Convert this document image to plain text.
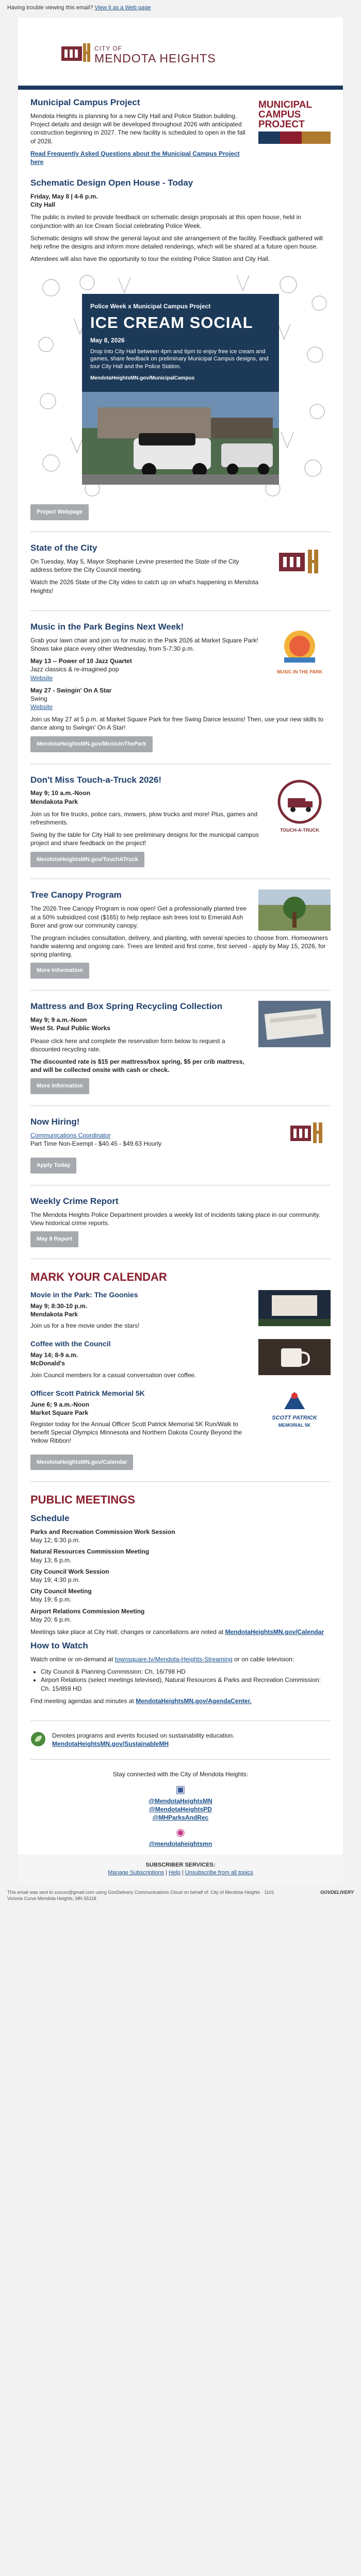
Having trouble viewing this email? View it as a Web page
CITY OF
MENDOTA HEIGHTS
Municipal Campus Project

Mendota Heights is planning for a new City Hall and Police Station building. Project details and design will be developed throughout 2026 with anticipated construction beginning in 2027. The new facility is scheduled to open in the fall of 2028.

Read Frequently Asked Questions about the Municipal Campus Project here
MUNICIPAL
CAMPUS
PROJECT
Schematic Design Open House - Today
Friday, May 8 | 4-6 p.m.
City Hall

The public is invited to provide feedback on schematic design proposals at this open house, held in conjunction with an Ice Cream Social celebrating Police Week.

Schematic designs will show the general layout and site arrangement of the facility. Feedback gathered will help refine the designs and inform more detailed renderings, which will be shared at a future open house.

Attendees will also have the opportunity to tour the existing Police Station and City Hall.

Police Week x Municipal Campus Project
ICE CREAM SOCIAL
May 8, 2026
Drop into City Hall between 4pm and 6pm to enjoy free ice cream and games, share feedback on preliminary Municipal Campus designs, and tour City Hall and the Police Station.
MendotaHeightsMN.gov/MunicipalCampus
Project Webpage
State of the City

On Tuesday, May 5, Mayor Stephanie Levine presented the State of the City address before the City Council meeting.

Watch the 2026 State of the City video to catch up on what's happening in Mendota Heights!

Music in the Park Begins Next Week!

Grab your lawn chair and join us for music in the Park 2026 at Market Square Park! Shows take place every other Wednesday, from 5-7:30 p.m.

May 13 -- Power of 10 Jazz Quartet
Jazz classics & re-imagined pop
Website
May 27 - Swingin' On A Star
Swing
Website
MUSIC IN THE PARK

Join us May 27 at 5 p.m. at Market Square Park for free Swing Dance lessons! Then, use your new skills to dance along to Swingin' On A Star!

MendotaHeightsMN.gov/MusicInThePark
Don't Miss Touch-a-Truck 2026!
May 9; 10 a.m.-Noon
Mendakota Park

Join us for fire trucks, police cars, mowers, plow trucks and more! Plus, games and refreshments.

Swing by the table for City Hall to see preliminary designs for the municipal campus project and share feedback on the project!

TOUCH-A-TRUCK
MendotaHeightsMN.gov/TouchATruck
Tree Canopy Program

The 2026 Tree Canopy Program is now open! Get a professionally planted tree at a 50% subsidized cost ($165) to help replace ash trees lost to Emerald Ash Borer and grow our community canopy.

The program includes consultation, delivery, and planting, with several species to choose from. Homeowners handle watering and ongoing care. Trees are limited and first come, first served - apply by May 15, 2026, for spring planting.

More Information
Mattress and Box Spring Recycling Collection
May 9; 9 a.m.-Noon
West St. Paul Public Works

Please click here and complete the reservation form below to request a discounted recycling rate.

The discounted rate is $15 per mattress/box spring, $5 per crib mattress, and will be collected onsite with cash or check.

More Information
Now Hiring!
Communications Coordinator
Part Time Non-Exempt - $40.45 - $49.63 Hourly
Apply Today
Weekly Crime Report

The Mendota Heights Police Department provides a weekly list of incidents taking place in our community. View historical crime reports.

May 8 Report
MARK YOUR CALENDAR
Movie in the Park: The Goonies
May 9; 8:30-10 p.m.
Mendakota Park

Join us for a free movie under the stars!

Coffee with the Council
May 14; 8-9 a.m.
McDonald's

Join Council members for a casual conversation over coffee.

Officer Scott Patrick Memorial 5K
June 6; 9 a.m.-Noon
Market Square Park

Register today for the Annual Officer Scott Patrick Memorial 5K Run/Walk to benefit Special Olympics Minnesota and Northern Dakota County Beyond the Yellow Ribbon!

SCOTT PATRICK
MEMORIAL 5K
MendotaHeightsMN.gov/Calendar
PUBLIC MEETINGS
Schedule
Parks and Recreation Commission Work Session
May 12; 6:30 p.m.
Natural Resources Commission Meeting
May 13; 6 p.m.
City Council Work Session
May 19; 4:30 p.m.
City Council Meeting
May 19; 6 p.m.
Airport Relations Commission Meeting
May 20; 6 p.m.

Meetings take place at City Hall; changes or cancellations are noted at MendotaHeightsMN.gov/Calendar

How to Watch

Watch online or on-demand at townsquare.tv/Mendota-Heights-Streaming or on cable television:

• City Council & Planning Commission: Ch. 16/798 HD
• Airport Relations (select meetings televised), Natural Resources & Parks and Recreation Commission: Ch. 15/859 HD

Find meeting agendas and minutes at MendotaHeightsMN.gov/AgendaCenter.

Denotes programs and events focused on sustainability education.
MendotaHeightsMN.gov/SustainableMH

Stay connected with the City of Mendota Heights:

▣
@MendotaHeightsMN
@MendotaHeightsPD
@MHParksAndRec
◉
@mendotaheightsmn
SUBSCRIBER SERVICES:
Manage Subscriptions | Help | Unsubscribe from all topics
This email was sent to xxxxxx@gmail.com using GovDelivery Communications Cloud on behalf of: City of Mendota Heights · 1101 Victoria Curve Mendota Heights, MN 55118
GOVDELIVERY
